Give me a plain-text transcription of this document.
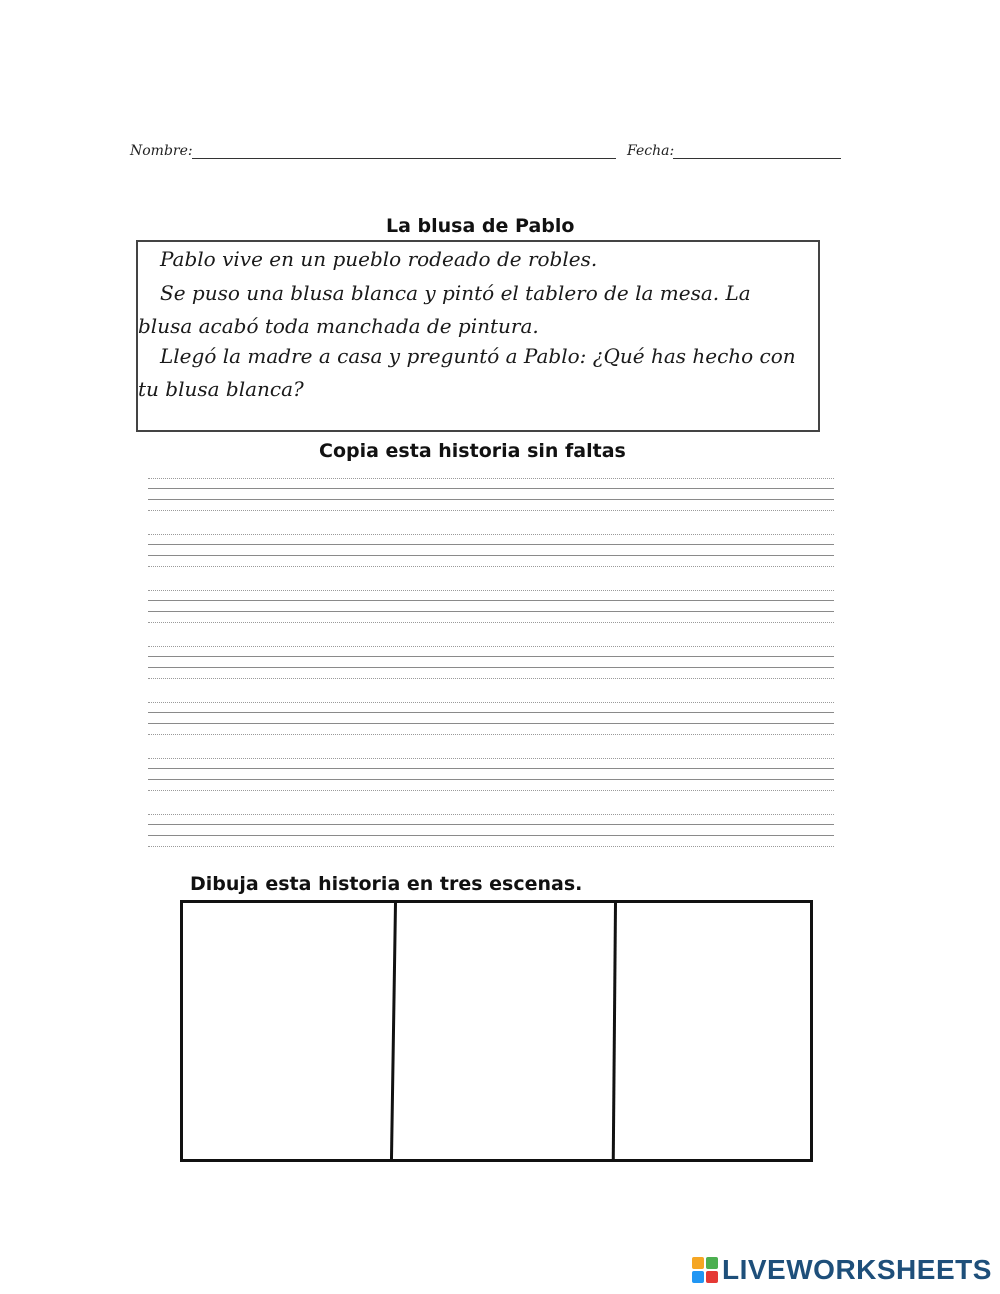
Nombre:	Fecha:
La blusa de Pablo
Pablo vive en un pueblo rodeado de robles.
Se puso una blusa blanca y pintó el tablero de la mesa. La
blusa acabó toda manchada de pintura.
Llegó la madre a casa y preguntó a Pablo: ¿Qué has hecho con
tu blusa blanca?
Copia esta historia sin faltas
Dibuja esta historia en tres escenas.
LIVEWORKSHEETS
